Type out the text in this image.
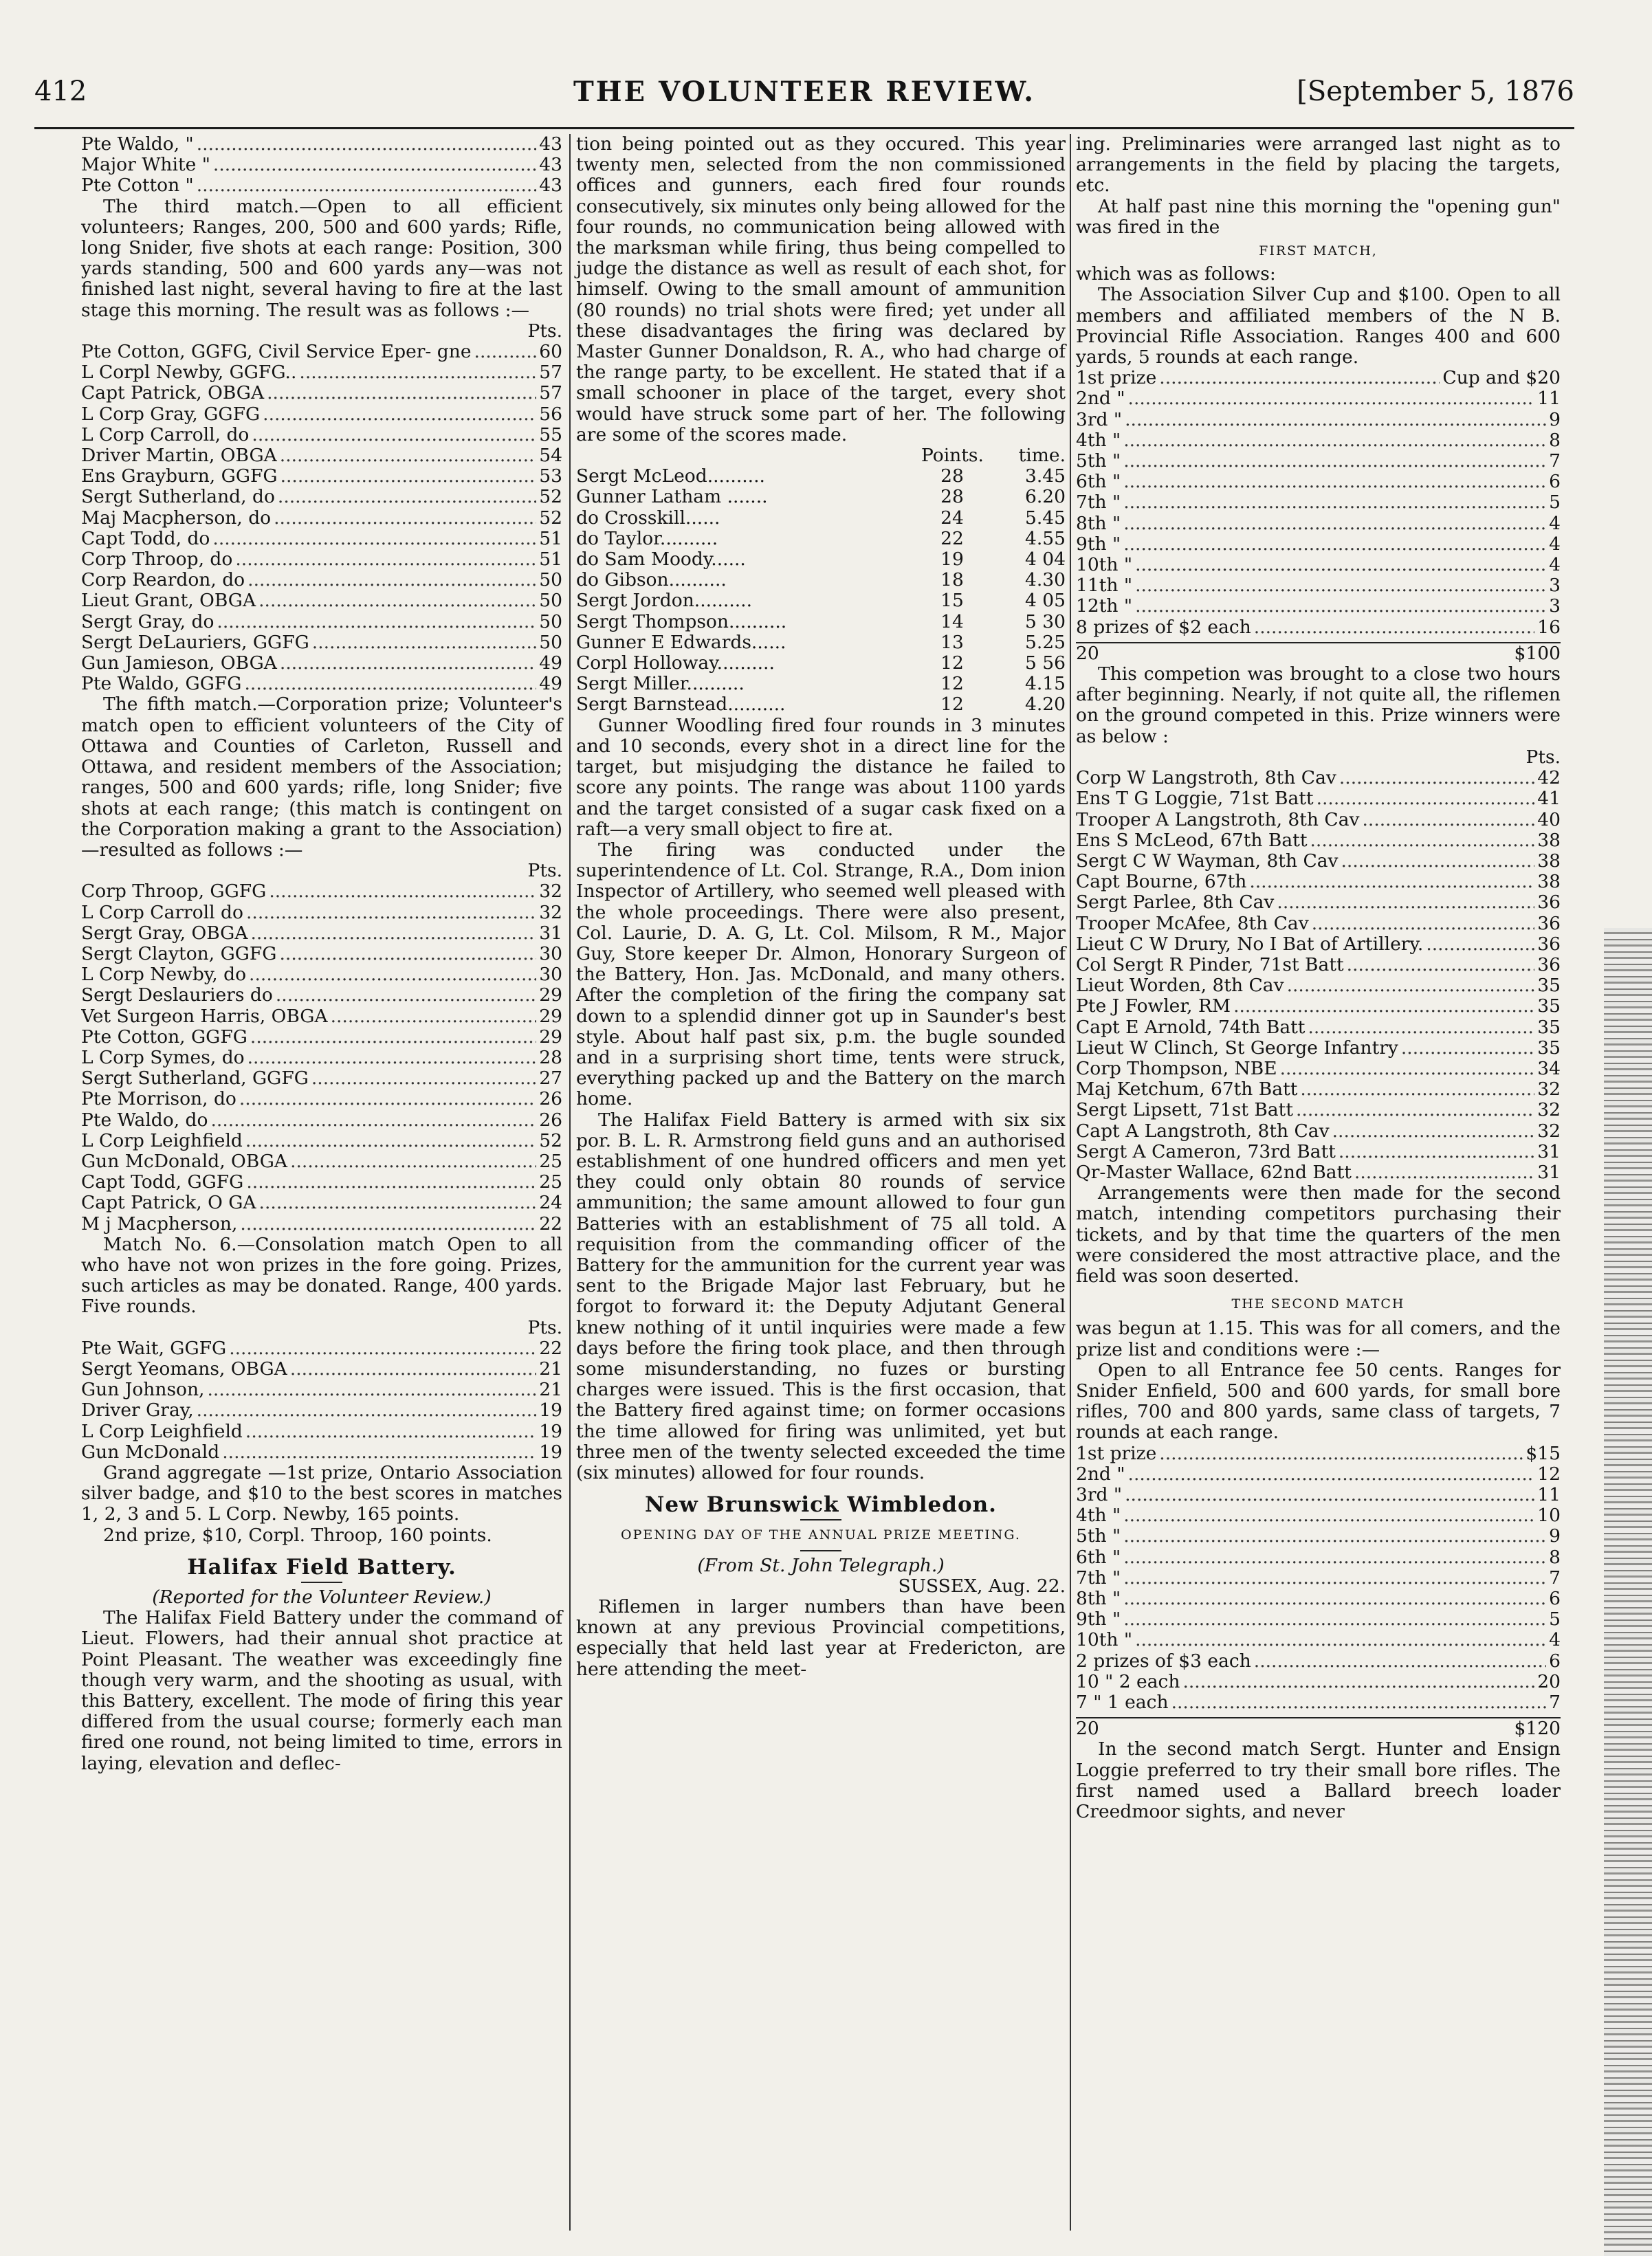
412	THE VOLUNTEER REVIEW.	[September 5, 1876
Pte Waldo, " .....	43
Major White " .....	43
Pte Cotton " .....	43

The third match.—Open to all efficient volunteers; Ranges, 200, 500 and 600 yards; Rifle, long Snider, five shots at each range: Position, 300 yards standing, 500 and 600 yards any—was not finished last night, several having to fire at the last stage this morning. The result was as follows :—

Pts.
Pte Cotton, GGFG, Civil Service Eper- gne .....	60
L Corpl Newby, GGFG.. .....	57
Capt Patrick, OBGA .....	57
L Corp Gray, GGFG .....	56
L Corp Carroll, do .....	55
Driver Martin, OBGA .....	54
Ens Grayburn, GGFG .....	53
Sergt Sutherland, do .....	52
Maj Macpherson, do .....	52
Capt Todd, do .....	51
Corp Throop, do .....	51
Corp Reardon, do .....	50
Lieut Grant, OBGA .....	50
Sergt Gray, do .....	50
Sergt DeLauriers, GGFG .....	50
Gun Jamieson, OBGA .....	49
Pte Waldo, GGFG .....	49

The fifth match.—Corporation prize; Volunteer's match open to efficient volunteers of the City of Ottawa and Counties of Carleton, Russell and Ottawa, and resident members of the Association; ranges, 500 and 600 yards; rifle, long Snider; five shots at each range; (this match is contingent on the Corporation making a grant to the Association)—resulted as follows :—

Pts.
Corp Throop, GGFG .....	32
L Corp Carroll do .....	32
Sergt Gray, OBGA .....	31
Sergt Clayton, GGFG .....	30
L Corp Newby, do .....	30
Sergt Deslauriers do .....	29
Vet Surgeon Harris, OBGA .....	29
Pte Cotton, GGFG .....	29
L Corp Symes, do .....	28
Sergt Sutherland, GGFG .....	27
Pte Morrison, do .....	26
Pte Waldo, do .....	26
L Corp Leighfield .....	52
Gun McDonald, OBGA .....	25
Capt Todd, GGFG .....	25
Capt Patrick, O GA .....	24
M j Macpherson, .....	22

Match No. 6.—Consolation match Open to all who have not won prizes in the fore going. Prizes, such articles as may be donated. Range, 400 yards. Five rounds.

Pts.
Pte Wait, GGFG .....	22
Sergt Yeomans, OBGA .....	21
Gun Johnson, .....	21
Driver Gray, .....	19
L Corp Leighfield .....	19
Gun McDonald .....	19

Grand aggregate —1st prize, Ontario Association silver badge, and $10 to the best scores in matches 1, 2, 3 and 5. L Corp. Newby, 165 points.

2nd prize, $10, Corpl. Throop, 160 points.

Halifax Field Battery.
(Reported for the Volunteer Review.)

The Halifax Field Battery under the command of Lieut. Flowers, had their annual shot practice at Point Pleasant. The weather was exceedingly fine though very warm, and the shooting as usual, with this Battery, excellent. The mode of firing this year differed from the usual course; formerly each man fired one round, not being limited to time, errors in laying, elevation and deflec-

tion being pointed out as they occured. This year twenty men, selected from the non commissioned offices and gunners, each fired four rounds consecutively, six minutes only being allowed for the four rounds, no communication being allowed with the marksman while firing, thus being compelled to judge the distance as well as result of each shot, for himself. Owing to the small amount of ammunition (80 rounds) no trial shots were fired; yet under all these disadvantages the firing was declared by Master Gunner Donaldson, R. A., who had charge of the range party, to be excellent. He stated that if a small schooner in place of the target, every shot would have struck some part of her. The following are some of the scores made.

Points.	time.
Sergt McLeod..........	28	3.45
Gunner Latham .......	28	6.20
do Crosskill......	24	5.45
do Taylor..........	22	4.55
do Sam Moody......	19	4 04
do Gibson..........	18	4.30
Sergt Jordon..........	15	4 05
Sergt Thompson..........	14	5 30
Gunner E Edwards......	13	5.25
Corpl Holloway..........	12	5 56
Sergt Miller..........	12	4.15
Sergt Barnstead..........	12	4.20

Gunner Woodling fired four rounds in 3 minutes and 10 seconds, every shot in a direct line for the target, but misjudging the distance he failed to score any points. The range was about 1100 yards and the target consisted of a sugar cask fixed on a raft—a very small object to fire at.

The firing was conducted under the superintendence of Lt. Col. Strange, R.A., Dom inion Inspector of Artillery, who seemed well pleased with the whole proceedings. There were also present, Col. Laurie, D. A. G, Lt. Col. Milsom, R M., Major Guy, Store keeper Dr. Almon, Honorary Surgeon of the Battery, Hon. Jas. McDonald, and many others. After the completion of the firing the company sat down to a splendid dinner got up in Saunder's best style. About half past six, p.m. the bugle sounded and in a surprising short time, tents were struck, everything packed up and the Battery on the march home.

The Halifax Field Battery is armed with six six por. B. L. R. Armstrong field guns and an authorised establishment of one hundred officers and men yet they could only obtain 80 rounds of service ammunition; the same amount allowed to four gun Batteries with an establishment of 75 all told. A requisition from the commanding officer of the Battery for the ammunition for the current year was sent to the Brigade Major last February, but he forgot to forward it: the Deputy Adjutant General knew nothing of it until inquiries were made a few days before the firing took place, and then through some misunderstanding, no fuzes or bursting charges were issued. This is the first occasion, that the Battery fired against time; on former occasions the time allowed for firing was unlimited, yet but three men of the twenty selected exceeded the time (six minutes) allowed for four rounds.

New Brunswick Wimbledon.
OPENING DAY OF THE ANNUAL PRIZE MEETING.
(From St. John Telegraph.)
SUSSEX, Aug. 22.

Riflemen in larger numbers than have been known at any previous Provincial competitions, especially that held last year at Fredericton, are here attending the meet-

ing. Preliminaries were arranged last night as to arrangements in the field by placing the targets, etc.

At half past nine this morning the "opening gun" was fired in the

FIRST MATCH,

which was as follows:

The Association Silver Cup and $100. Open to all members and affiliated members of the N B. Provincial Rifle Association. Ranges 400 and 600 yards, 5 rounds at each range.

1st prize .....	Cup and $20
2nd " .....	11
3rd " .....	9
4th " .....	8
5th " .....	7
6th " .....	6
7th " .....	5
8th " .....	4
9th " .....	4
10th " .....	4
11th " .....	3
12th " .....	3
8 prizes of $2 each .....	16
20	$100

This competion was brought to a close two hours after beginning. Nearly, if not quite all, the riflemen on the ground competed in this. Prize winners were as below :

Pts.
Corp W Langstroth, 8th Cav .....	42
Ens T G Loggie, 71st Batt .....	41
Trooper A Langstroth, 8th Cav .....	40
Ens S McLeod, 67th Batt .....	38
Sergt C W Wayman, 8th Cav .....	38
Capt Bourne, 67th .....	38
Sergt Parlee, 8th Cav .....	36
Trooper McAfee, 8th Cav .....	36
Lieut C W Drury, No I Bat of Artillery. .....	36
Col Sergt R Pinder, 71st Batt .....	36
Lieut Worden, 8th Cav .....	35
Pte J Fowler, RM .....	35
Capt E Arnold, 74th Batt .....	35
Lieut W Clinch, St George Infantry .....	35
Corp Thompson, NBE .....	34
Maj Ketchum, 67th Batt .....	32
Sergt Lipsett, 71st Batt .....	32
Capt A Langstroth, 8th Cav .....	32
Sergt A Cameron, 73rd Batt .....	31
Qr-Master Wallace, 62nd Batt .....	31

Arrangements were then made for the second match, intending competitors purchasing their tickets, and by that time the quarters of the men were considered the most attractive place, and the field was soon deserted.

THE SECOND MATCH

was begun at 1.15. This was for all comers, and the prize list and conditions were :—

Open to all Entrance fee 50 cents. Ranges for Snider Enfield, 500 and 600 yards, for small bore rifles, 700 and 800 yards, same class of targets, 7 rounds at each range.

1st prize .....	$15
2nd " .....	12
3rd " .....	11
4th " .....	10
5th " .....	9
6th " .....	8
7th " .....	7
8th " .....	6
9th " .....	5
10th " .....	4
2 prizes of $3 each .....	6
10 " 2 each .....	20
7 " 1 each .....	7
20	$120

In the second match Sergt. Hunter and Ensign Loggie preferred to try their small bore rifles. The first named used a Ballard breech loader Creedmoor sights, and never
